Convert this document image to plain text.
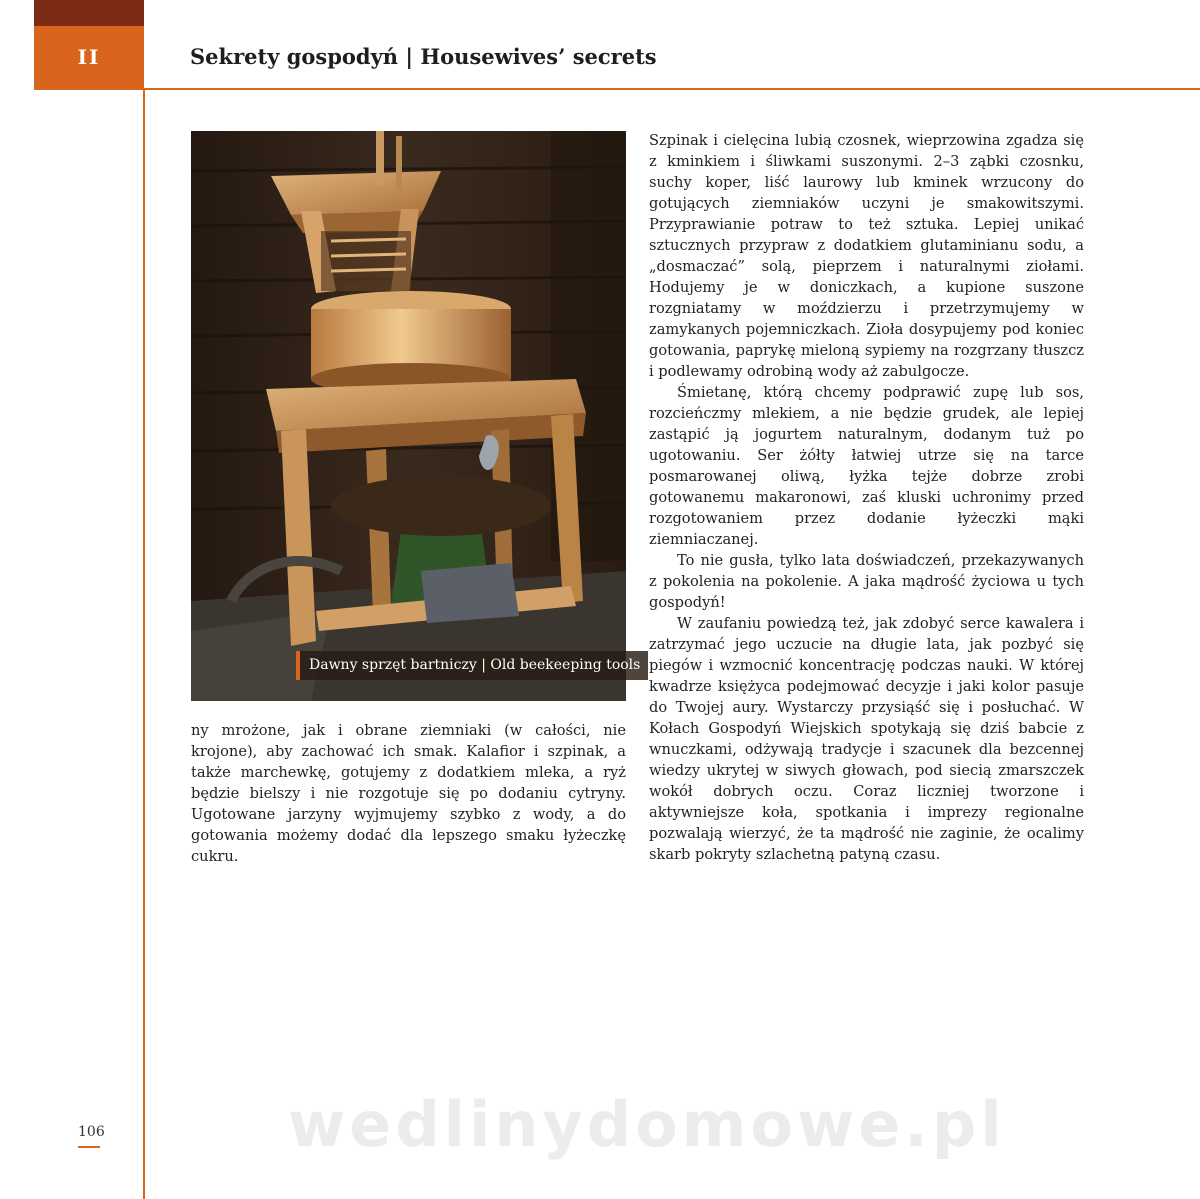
II	Sekrety gospodyń | Housewives’ secrets
Dawny sprzęt bartniczy | Old beekeeping tools

ny mrożone, jak i obrane ziemniaki (w całości, nie krojone), aby zachować ich smak. Kalafior i szpinak, a także marchewkę, gotujemy z dodatkiem mleka, a ryż będzie bielszy i nie rozgotuje się po dodaniu cytryny. Ugotowane jarzyny wyjmujemy szybko z wody, a do gotowania możemy dodać dla lepszego smaku łyżeczkę cukru.

Szpinak i cielęcina lubią czosnek, wieprzowina zgadza się z kminkiem i śliwkami suszonymi. 2–3 ząbki czosnku, suchy koper, liść laurowy lub kminek wrzucony do gotujących ziemniaków uczyni je smakowitszymi. Przyprawianie potraw to też sztuka. Lepiej unikać sztucznych przypraw z dodatkiem glutaminianu sodu, a „dosmaczać” solą, pieprzem i naturalnymi ziołami. Hodujemy je w doniczkach, a kupione suszone rozgniatamy w moździerzu i przetrzymujemy w zamykanych pojemniczkach. Zioła dosypujemy pod koniec gotowania, paprykę mieloną sypiemy na rozgrzany tłuszcz i podlewamy odrobiną wody aż zabulgocze.

Śmietanę, którą chcemy podprawić zupę lub sos, rozcieńczmy mlekiem, a nie będzie grudek, ale lepiej zastąpić ją jogurtem naturalnym, dodanym tuż po ugotowaniu. Ser żółty łatwiej utrze się na tarce posmarowanej oliwą, łyżka tejże dobrze zrobi gotowanemu makaronowi, zaś kluski uchronimy przed rozgotowaniem przez dodanie łyżeczki mąki ziemniaczanej.

To nie gusła, tylko lata doświadczeń, przekazywanych z pokolenia na pokolenie. A jaka mądrość życiowa u tych gospodyń!

W zaufaniu powiedzą też, jak zdobyć serce kawalera i zatrzymać jego uczucie na długie lata, jak pozbyć się piegów i wzmocnić koncentrację podczas nauki. W której kwadrze księżyca podejmować decyzje i jaki kolor pasuje do Twojej aury. Wystarczy przysiąść się i posłuchać. W Kołach Gospodyń Wiejskich spotykają się dziś babcie z wnuczkami, odżywają tradycje i szacunek dla bezcennej wiedzy ukrytej w siwych głowach, pod siecią zmarszczek wokół dobrych oczu. Coraz liczniej tworzone i aktywniejsze koła, spotkania i imprezy regionalne pozwalają wierzyć, że ta mądrość nie zaginie, że ocalimy skarb pokryty szlachetną patyną czasu.

wedlinydomowe.pl
106
